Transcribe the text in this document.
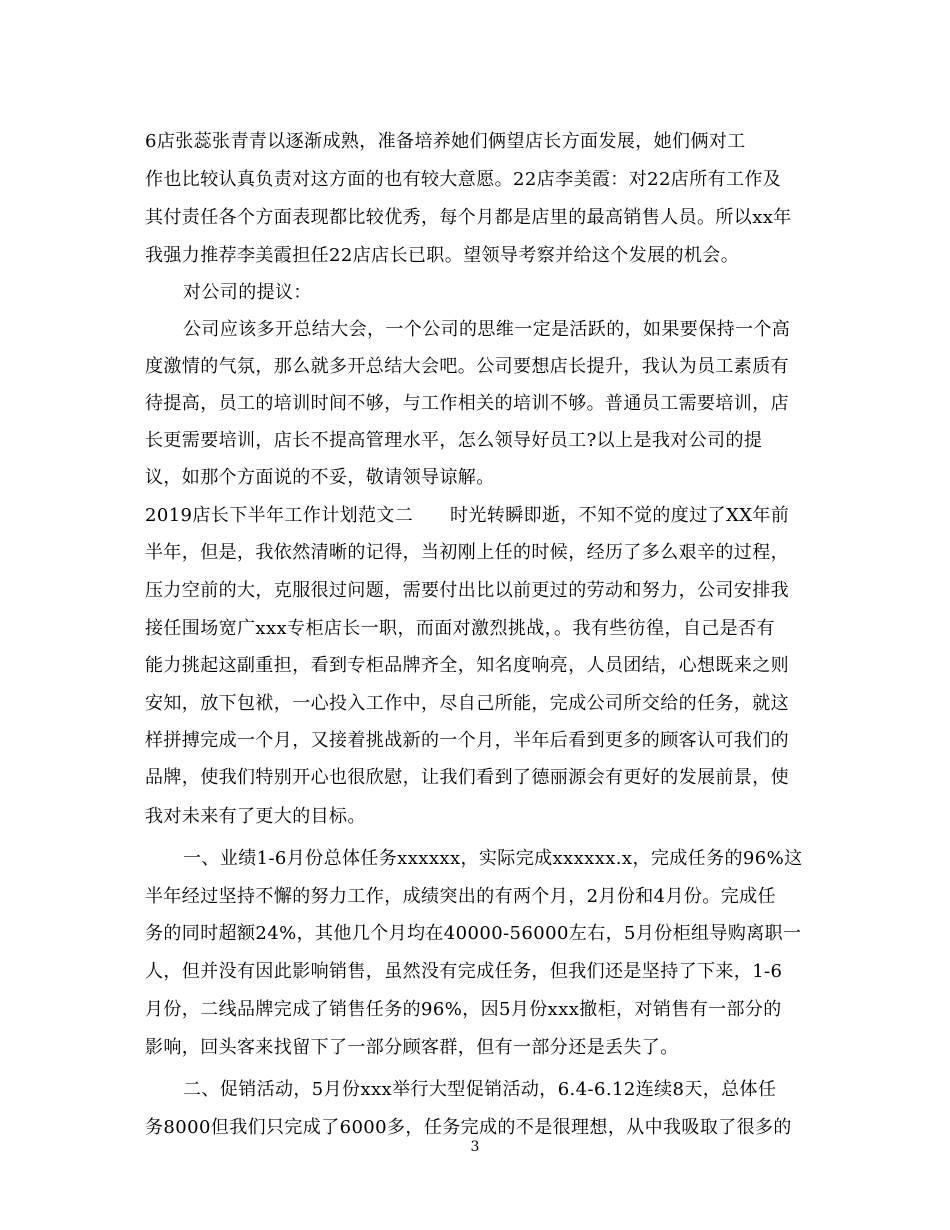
6店张蕊张青青以逐渐成熟，准备培养她们俩望店长方面发展，她们俩对工
作也比较认真负责对这方面的也有较大意愿。22店李美霞：对22店所有工作及
其付责任各个方面表现都比较优秀，每个月都是店里的最高销售人员。所以xx年
我强力推荐李美霞担任22店店长已职。望领导考察并给这个发展的机会。
对公司的提议：
公司应该多开总结大会，一个公司的思维一定是活跃的，如果要保持一个高
度激情的气氛，那么就多开总结大会吧。公司要想店长提升，我认为员工素质有
待提高，员工的培训时间不够，与工作相关的培训不够。普通员工需要培训，店
长更需要培训，店长不提高管理水平，怎么领导好员工?以上是我对公司的提
议，如那个方面说的不妥，敬请领导谅解。
2019店长下半年工作计划范文二　　时光转瞬即逝，不知不觉的度过了XX年前
半年，但是，我依然清晰的记得，当初刚上任的时候，经历了多么艰辛的过程，
压力空前的大，克服很过问题，需要付出比以前更过的劳动和努力，公司安排我
接任围场宽广xxx专柜店长一职，而面对激烈挑战，。我有些彷徨，自己是否有
能力挑起这副重担，看到专柜品牌齐全，知名度响亮，人员团结，心想既来之则
安知，放下包袱，一心投入工作中，尽自己所能，完成公司所交给的任务，就这
样拼搏完成一个月，又接着挑战新的一个月，半年后看到更多的顾客认可我们的
品牌，使我们特别开心也很欣慰，让我们看到了德丽源会有更好的发展前景，使
我对未来有了更大的目标。
一、业绩1-6月份总体任务xxxxxx，实际完成xxxxxx.x，完成任务的96%这
半年经过坚持不懈的努力工作，成绩突出的有两个月，2月份和4月份。完成任
务的同时超额24%，其他几个月均在40000-56000左右，5月份柜组导购离职一
人，但并没有因此影响销售，虽然没有完成任务，但我们还是坚持了下来，1-6
月份，二线品牌完成了销售任务的96%，因5月份xxx撤柜，对销售有一部分的
影响，回头客来找留下了一部分顾客群，但有一部分还是丢失了。
二、促销活动，5月份xxx举行大型促销活动，6.4-6.12连续8天，总体任
务8000但我们只完成了6000多，任务完成的不是很理想，从中我吸取了很多的
3
